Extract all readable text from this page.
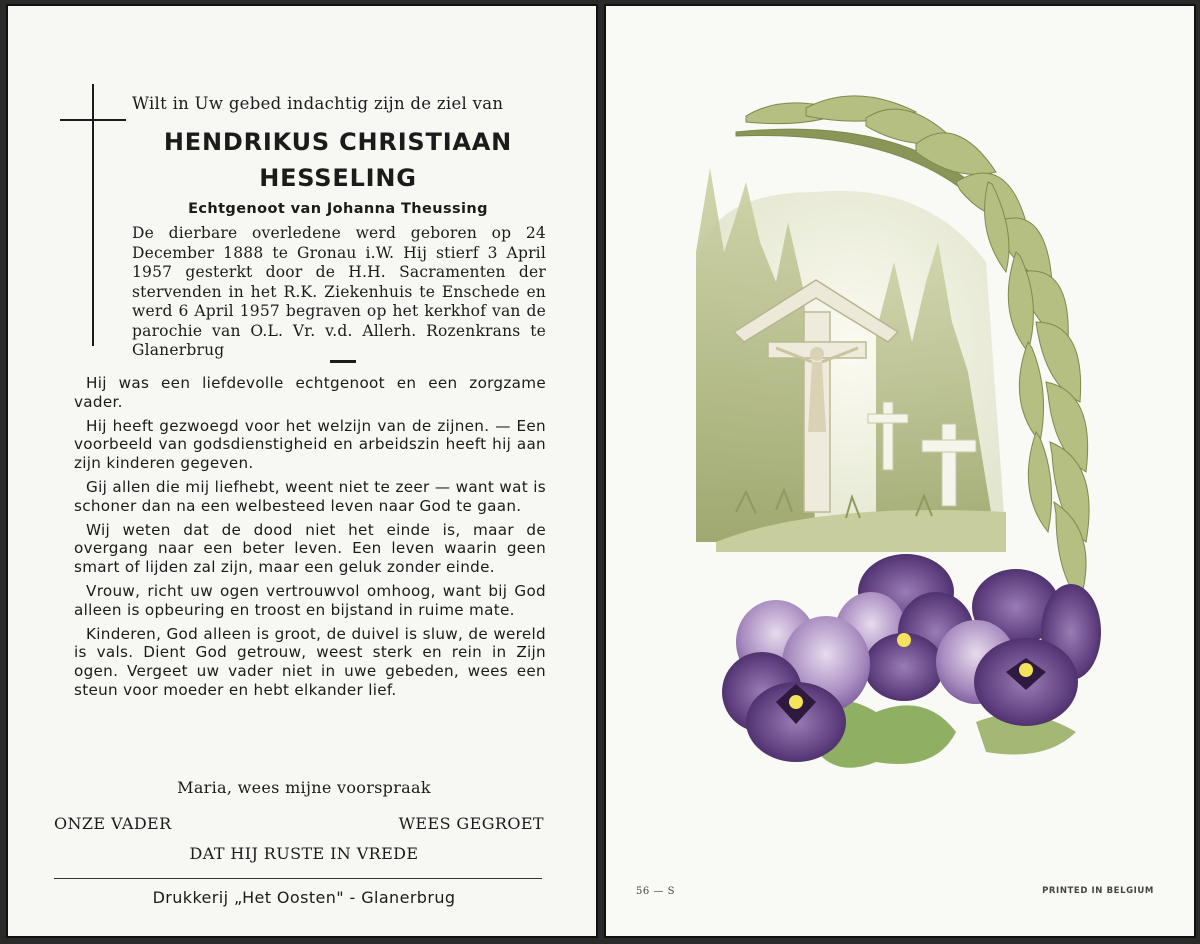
Wilt in Uw gebed indachtig zijn de ziel van
HENDRIKUS CHRISTIAAN
HESSELING
Echtgenoot van Johanna Theussing
De dierbare overledene werd geboren op 24 December 1888 te Gronau i.W. Hij stierf 3 April 1957 gesterkt door de H.H. Sacramenten der stervenden in het R.K. Ziekenhuis te Enschede en werd 6 April 1957 begraven op het kerkhof van de parochie van O.L. Vr. v.d. Allerh. Rozenkrans te Glanerbrug

Hij was een liefdevolle echtgenoot en een zorgzame vader.

Hij heeft gezwoegd voor het welzijn van de zijnen. — Een voorbeeld van godsdienstigheid en arbeidszin heeft hij aan zijn kinderen gegeven.

Gij allen die mij liefhebt, weent niet te zeer — want wat is schoner dan na een welbesteed leven naar God te gaan.

Wij weten dat de dood niet het einde is, maar de overgang naar een beter leven. Een leven waarin geen smart of lijden zal zijn, maar een geluk zonder einde.

Vrouw, richt uw ogen vertrouwvol omhoog, want bij God alleen is opbeuring en troost en bijstand in ruime mate.

Kinderen, God alleen is groot, de duivel is sluw, de wereld is vals. Dient God getrouw, weest sterk en rein in Zijn ogen. Vergeet uw vader niet in uwe gebeden, wees een steun voor moeder en hebt elkander lief.

Maria, wees mijne voorspraak
ONZE VADER	WEES GEGROET
DAT HIJ RUSTE IN VREDE
Drukkerij „Het Oosten" - Glanerbrug	56 — S	PRINTED IN BELGIUM
